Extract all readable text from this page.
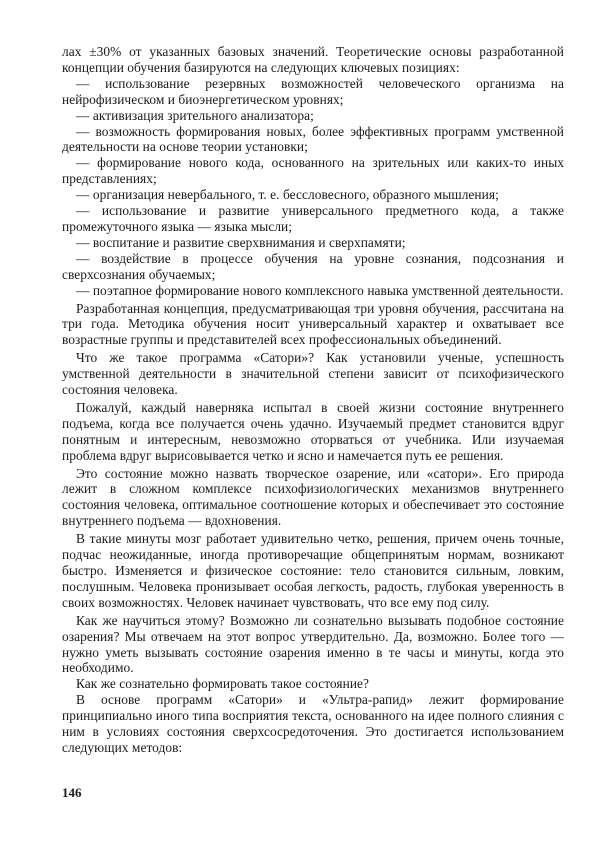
лах ±30% от указанных базовых значений. Теоретические основы разработанной концепции обучения базируются на следующих ключевых позициях:

— использование резервных возможностей человеческого организма на нейрофизическом и биоэнергетическом уровнях;

— активизация зрительного анализатора;

— возможность формирования новых, более эффективных программ умственной деятельности на основе теории установки;

— формирование нового кода, основанного на зрительных или каких-то иных представлениях;

— организация невербального, т. е. бессловесного, образного мышления;

— использование и развитие универсального предметного кода, а также промежуточного языка — языка мысли;

— воспитание и развитие сверхвнимания и сверхпамяти;

— воздействие в процессе обучения на уровне сознания, подсознания и сверхсознания обучаемых;

— поэтапное формирование нового комплексного навыка умственной деятельности.

Разработанная концепция, предусматривающая три уровня обучения, рассчитана на три года. Методика обучения носит универсальный характер и охватывает все возрастные группы и представителей всех профессиональных объединений.

Что же такое программа «Сатори»? Как установили ученые, успешность умственной деятельности в значительной степени зависит от психофизического состояния человека.

Пожалуй, каждый наверняка испытал в своей жизни состояние внутреннего подъема, когда все получается очень удачно. Изучаемый предмет становится вдруг понятным и интересным, невозможно оторваться от учебника. Или изучаемая проблема вдруг вырисовывается четко и ясно и намечается путь ее решения.

Это состояние можно назвать творческое озарение, или «сатори». Его природа лежит в сложном комплексе психофизиологических механизмов внутреннего состояния человека, оптимальное соотношение которых и обеспечивает это состояние внутреннего подъема — вдохновения.

В такие минуты мозг работает удивительно четко, решения, причем очень точные, подчас неожиданные, иногда противоречащие общепринятым нормам, возникают быстро. Изменяется и физическое состояние: тело становится сильным, ловким, послушным. Человека пронизывает особая легкость, радость, глубокая уверенность в своих возможностях. Человек начинает чувствовать, что все ему под силу.

Как же научиться этому? Возможно ли сознательно вызывать подобное состояние озарения? Мы отвечаем на этот вопрос утвердительно. Да, возможно. Более того — нужно уметь вызывать состояние озарения именно в те часы и минуты, когда это необходимо.

Как же сознательно формировать такое состояние?

В основе программ «Сатори» и «Ультра-рапид» лежит формирование принципиально иного типа восприятия текста, основанного на идее полного слияния с ним в условиях состояния сверхсосредоточения. Это достигается использованием следующих методов:

146
